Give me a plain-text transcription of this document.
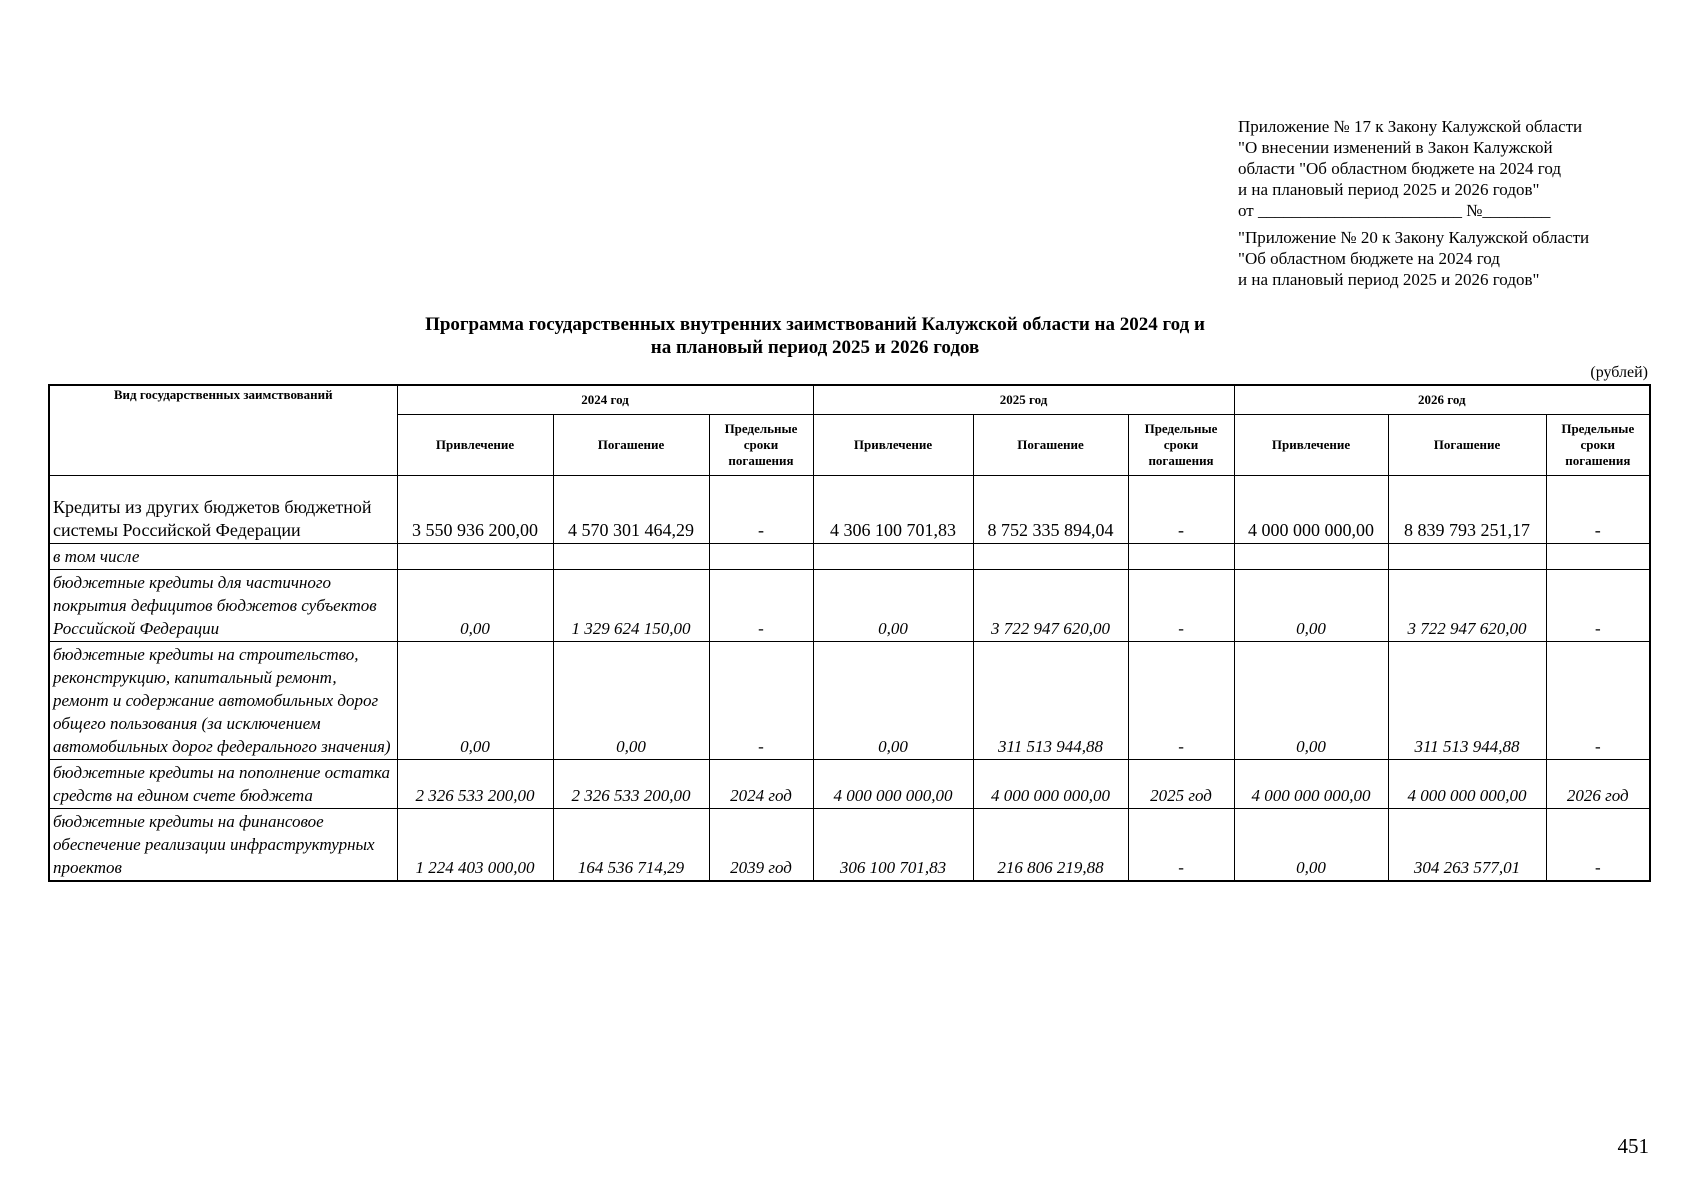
Приложение № 17 к Закону Калужской области
"О внесении изменений в Закон Калужской
области "Об областном бюджете на 2024 год
и на плановый период 2025 и 2026 годов"
от ________________________ №________
"Приложение № 20 к Закону Калужской области
"Об областном бюджете на 2024 год
и на плановый период 2025 и 2026 годов"
Программа государственных внутренних заимствований Калужской области на 2024 год и
на плановый период 2025 и 2026 годов
(рублей)
Вид государственных заимствований	2024 год			2025 год			2026 год		
	Привлечение	Погашение	Предельные сроки погашения	Привлечение	Погашение	Предельные сроки погашения	Привлечение	Погашение	Предельные сроки погашения
Кредиты из других бюджетов бюджетной системы Российской Федерации	3 550 936 200,00	4 570 301 464,29	-	4 306 100 701,83	8 752 335 894,04	-	4 000 000 000,00	8 839 793 251,17	-
в том числе									
бюджетные кредиты для частичного покрытия дефицитов бюджетов субъектов Российской Федерации	0,00	1 329 624 150,00	-	0,00	3 722 947 620,00	-	0,00	3 722 947 620,00	-
бюджетные кредиты на строительство, реконструкцию, капитальный ремонт, ремонт и содержание автомобильных дорог общего пользования (за исключением автомобильных дорог федерального значения)	0,00	0,00	-	0,00	311 513 944,88	-	0,00	311 513 944,88	-
бюджетные кредиты на пополнение остатка средств на едином счете бюджета	2 326 533 200,00	2 326 533 200,00	2024 год	4 000 000 000,00	4 000 000 000,00	2025 год	4 000 000 000,00	4 000 000 000,00	2026 год
бюджетные кредиты на финансовое обеспечение реализации инфраструктурных проектов	1 224 403 000,00	164 536 714,29	2039 год	306 100 701,83	216 806 219,88	-	0,00	304 263 577,01	-
451
